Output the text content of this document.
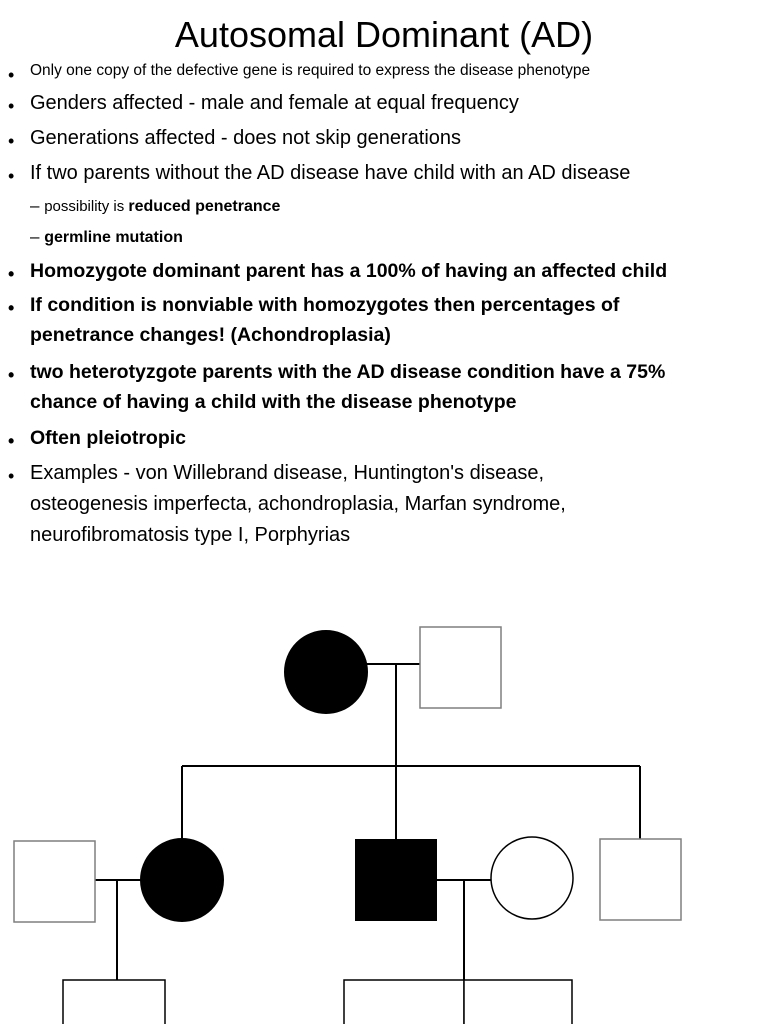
Autosomal Dominant (AD)
• Only one copy of the defective gene is required to express the disease phenotype
• Genders affected - male and female at equal frequency
• Generations affected - does not skip generations
• If two parents without the AD disease have child with an AD disease
– possibility is reduced penetrance
– germline mutation
• Homozygote dominant parent has a 100% of having an affected child
• If condition is nonviable with homozygotes then percentages of
penetrance changes! (Achondroplasia)
• two heterotyzgote parents with the AD disease condition have a 75%
chance of having a child with the disease phenotype
• Often pleiotropic
• Examples - von Willebrand disease, Huntington's disease,
osteogenesis imperfecta, achondroplasia, Marfan syndrome,
neurofibromatosis type I, Porphyrias
